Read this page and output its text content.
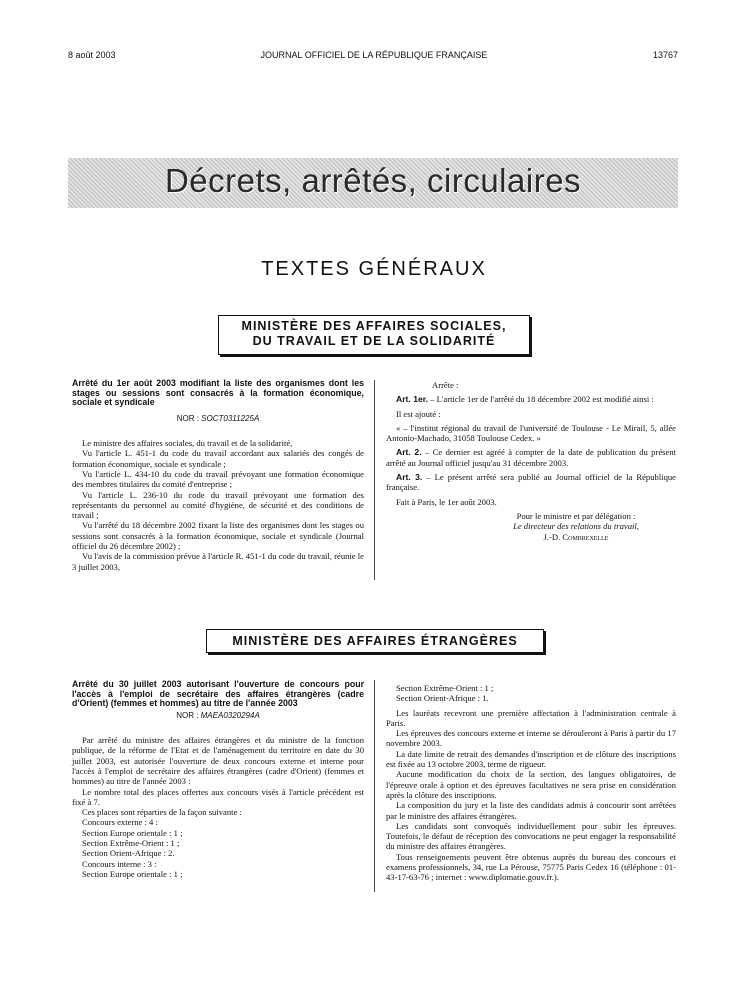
8 août 2003	JOURNAL OFFICIEL DE LA RÉPUBLIQUE FRANÇAISE	13767
Décrets, arrêtés, circulaires
TEXTES GÉNÉRAUX
MINISTÈRE DES AFFAIRES SOCIALES,
DU TRAVAIL ET DE LA SOLIDARITÉ

Arrêté du 1er août 2003 modifiant la liste des organismes dont les stages ou sessions sont consacrés à la formation économique, sociale et syndicale

NOR : SOCT0311225A

Le ministre des affaires sociales, du travail et de la solidarité,

Vu l'article L. 451-1 du code du travail accordant aux salariés des congés de formation économique, sociale et syndicale ;

Vu l'article L. 434-10 du code du travail prévoyant une formation économique des membres titulaires du comité d'entreprise ;

Vu l'article L. 236-10 du code du travail prévoyant une formation des représentants du personnel au comité d'hygiène, de sécurité et des conditions de travail ;

Vu l'arrêté du 18 décembre 2002 fixant la liste des organismes dont les stages ou sessions sont consacrés à la formation économique, sociale et syndicale (Journal officiel du 26 décembre 2002) ;

Vu l'avis de la commission prévue à l'article R. 451-1 du code du travail, réunie le 3 juillet 2003,

Arrête :

Art. 1er. – L'article 1er de l'arrêté du 18 décembre 2002 est modifié ainsi :

Il est ajouté :

« – l'institut régional du travail de l'université de Toulouse - Le Mirail, 5, allée Antonio-Machado, 31058 Toulouse Cedex. »

Art. 2. – Ce dernier est agréé à compter de la date de publication du présent arrêté au Journal officiel jusqu'au 31 décembre 2003.

Art. 3. – Le présent arrêté sera publié au Journal officiel de la République française.

Fait à Paris, le 1er août 2003.

Pour le ministre et par délégation :

Le directeur des relations du travail,

J.-D. Combrexelle

MINISTÈRE DES AFFAIRES ÉTRANGÈRES

Arrêté du 30 juillet 2003 autorisant l'ouverture de concours pour l'accès à l'emploi de secrétaire des affaires étrangères (cadre d'Orient) (femmes et hommes) au titre de l'année 2003

NOR : MAEA0320294A

Par arrêté du ministre des affaires étrangères et du ministre de la fonction publique, de la réforme de l'Etat et de l'aménagement du territoire en date du 30 juillet 2003, est autorisée l'ouverture de deux concours externe et interne pour l'accès à l'emploi de secrétaire des affaires étrangères (cadre d'Orient) (femmes et hommes) au titre de l'année 2003 :

Le nombre total des places offertes aux concours visés à l'article précédent est fixé à 7.

Ces places sont réparties de la façon suivante :

Concours externe : 4 :

Section Europe orientale : 1 ;

Section Extrême-Orient : 1 ;

Section Orient-Afrique : 2.

Concours interne : 3 :

Section Europe orientale : 1 ;

Section Extrême-Orient : 1 ;

Section Orient-Afrique : 1.

Les lauréats recevront une première affectation à l'administration centrale à Paris.

Les épreuves des concours externe et interne se dérouleront à Paris à partir du 17 novembre 2003.

La date limite de retrait des demandes d'inscription et de clôture des inscriptions est fixée au 13 octobre 2003, terme de rigueur.

Aucune modification du choix de la section, des langues obligatoires, de l'épreuve orale à option et des épreuves facultatives ne sera prise en considération après la clôture des inscriptions.

La composition du jury et la liste des candidats admis à concourir sont arrêtées par le ministre des affaires étrangères.

Les candidats sont convoqués individuellement pour subir les épreuves. Toutefois, le défaut de réception des convocations ne peut engager la responsabilité du ministre des affaires étrangères.

Tous renseignements peuvent être obtenus auprès du bureau des concours et examens professionnels, 34, rue La Pérouse, 75775 Paris Cedex 16 (téléphone : 01-43-17-63-76 ; internet : www.diplomatie.gouv.fr.).
